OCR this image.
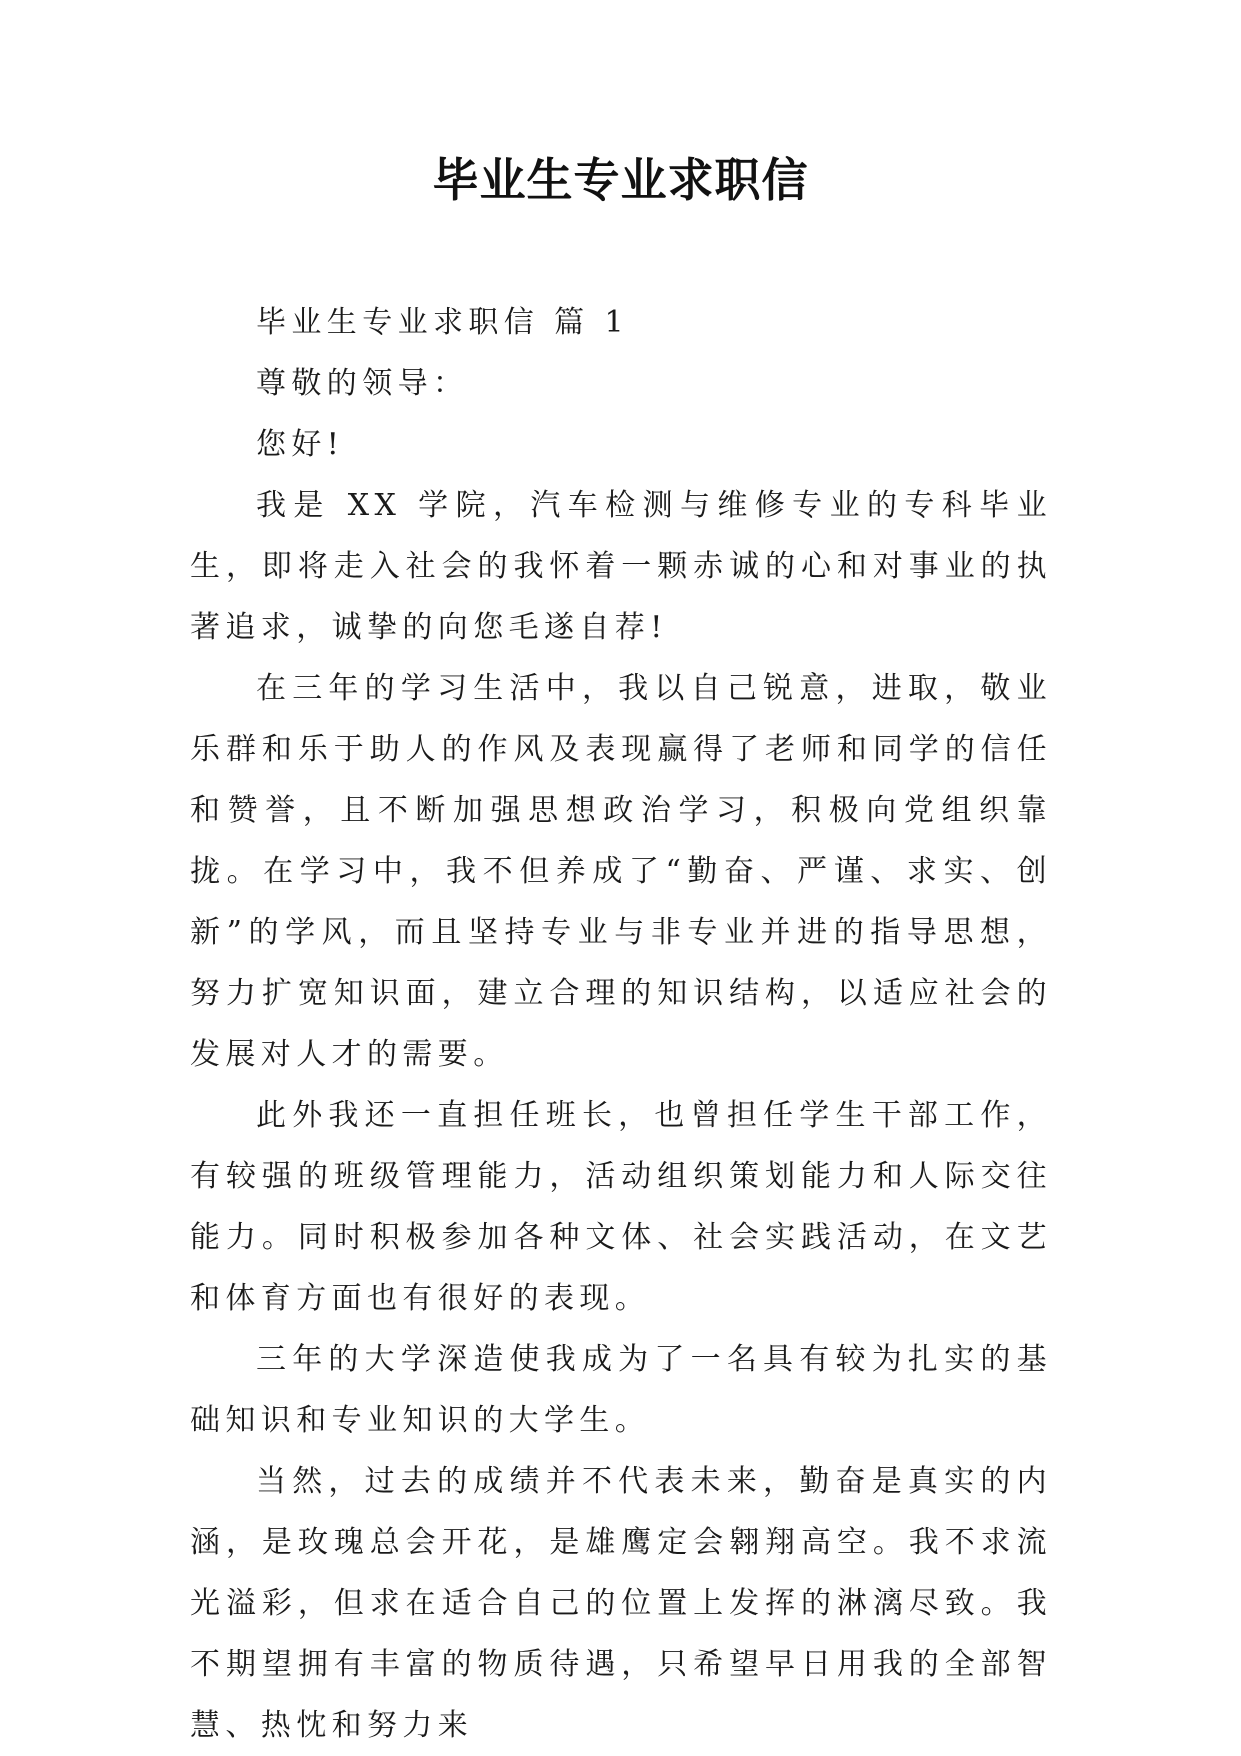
毕业生专业求职信

毕业生专业求职信 篇 1

尊敬的领导：

您好!

我是 XX 学院，汽车检测与维修专业的专科毕业生，即将走入社会的我怀着一颗赤诚的心和对事业的执著追求，诚挚的向您毛遂自荐!

在三年的学习生活中，我以自己锐意，进取，敬业乐群和乐于助人的作风及表现赢得了老师和同学的信任和赞誉，且不断加强思想政治学习，积极向党组织靠拢。在学习中，我不但养成了“勤奋、严谨、求实、创新”的学风，而且坚持专业与非专业并进的指导思想，努力扩宽知识面，建立合理的知识结构，以适应社会的发展对人才的需要。

此外我还一直担任班长，也曾担任学生干部工作，有较强的班级管理能力，活动组织策划能力和人际交往能力。同时积极参加各种文体、社会实践活动，在文艺和体育方面也有很好的表现。

三年的大学深造使我成为了一名具有较为扎实的基础知识和专业知识的大学生。

当然，过去的成绩并不代表未来，勤奋是真实的内涵，是玫瑰总会开花，是雄鹰定会翱翔高空。我不求流光溢彩，但求在适合自己的位置上发挥的淋漓尽致。我不期望拥有丰富的物质待遇，只希望早日用我的全部智慧、热忱和努力来
